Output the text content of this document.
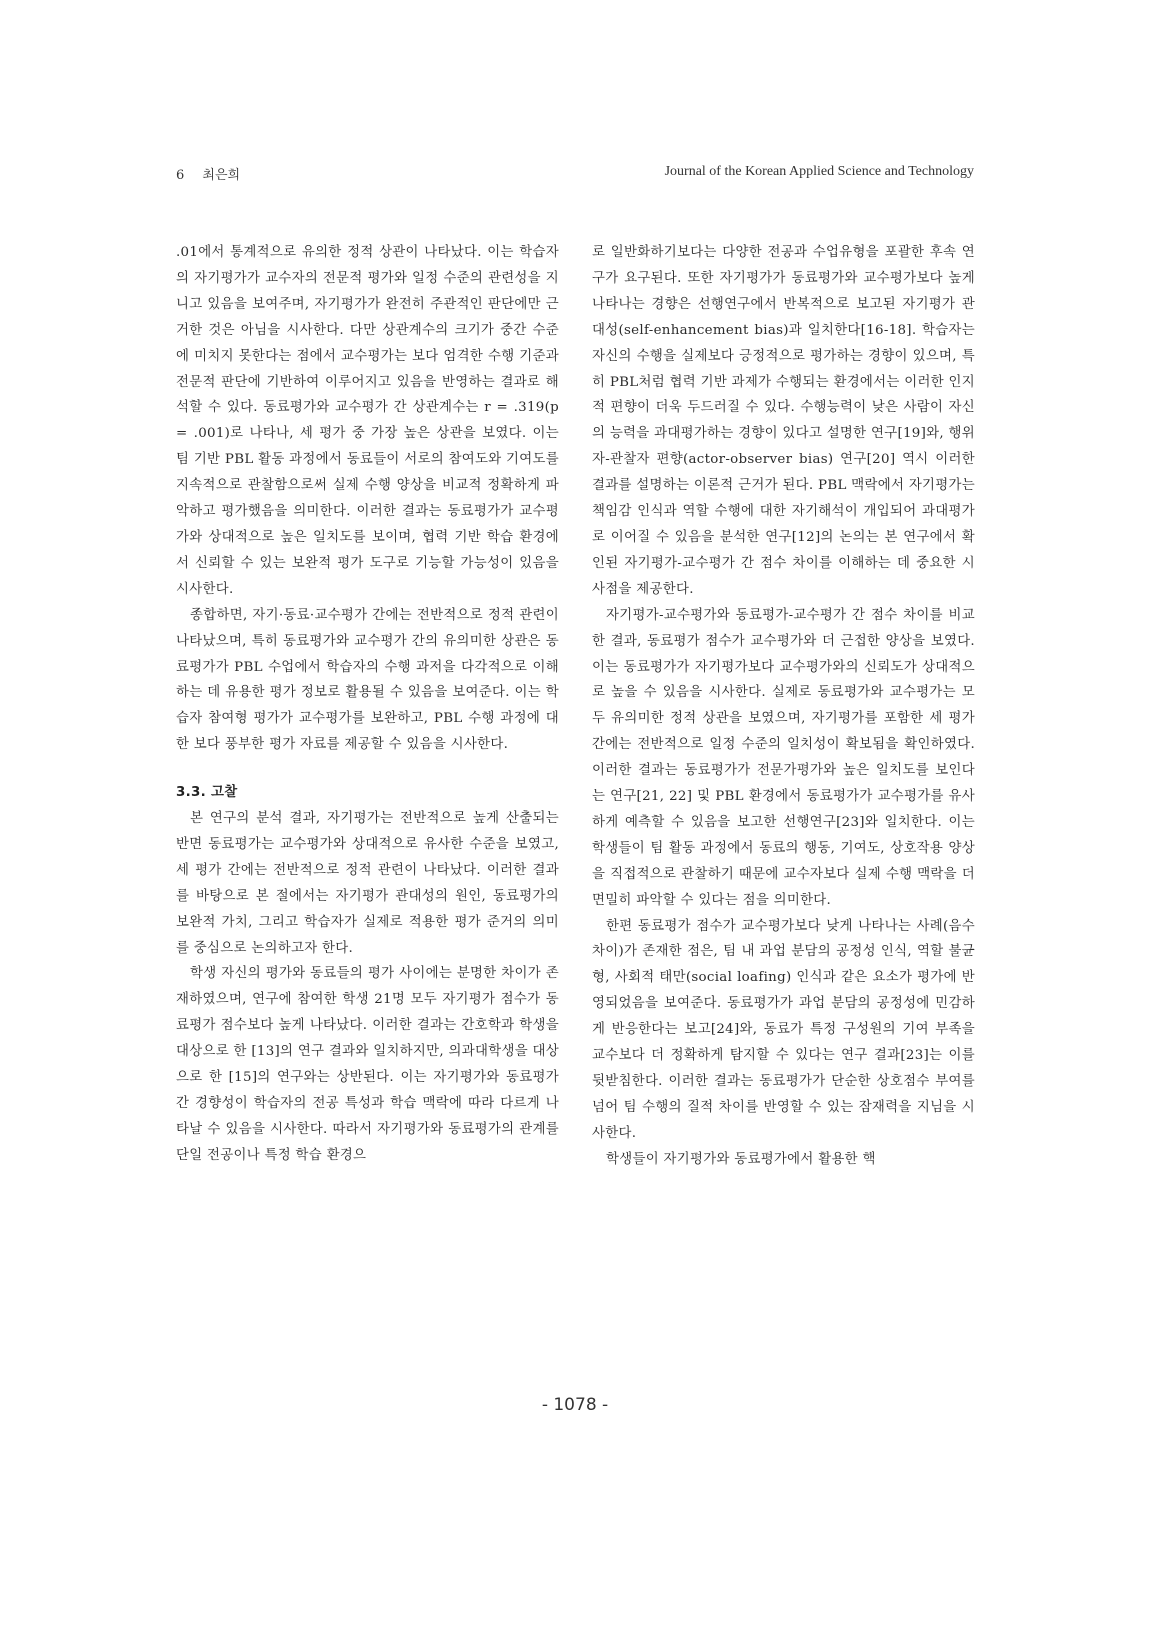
6 최은희	Journal of the Korean Applied Science and Technology

.01에서 통계적으로 유의한 정적 상관이 나타났다. 이는 학습자의 자기평가가 교수자의 전문적 평가와 일정 수준의 관련성을 지니고 있음을 보여주며, 자기평가가 완전히 주관적인 판단에만 근거한 것은 아님을 시사한다. 다만 상관계수의 크기가 중간 수준에 미치지 못한다는 점에서 교수평가는 보다 엄격한 수행 기준과 전문적 판단에 기반하여 이루어지고 있음을 반영하는 결과로 해석할 수 있다. 동료평가와 교수평가 간 상관계수는 r = .319(p = .001)로 나타나, 세 평가 중 가장 높은 상관을 보였다. 이는 팀 기반 PBL 활동 과정에서 동료들이 서로의 참여도와 기여도를 지속적으로 관찰함으로써 실제 수행 양상을 비교적 정확하게 파악하고 평가했음을 의미한다. 이러한 결과는 동료평가가 교수평가와 상대적으로 높은 일치도를 보이며, 협력 기반 학습 환경에서 신뢰할 수 있는 보완적 평가 도구로 기능할 가능성이 있음을 시사한다.

종합하면, 자기·동료·교수평가 간에는 전반적으로 정적 관련이 나타났으며, 특히 동료평가와 교수평가 간의 유의미한 상관은 동료평가가 PBL 수업에서 학습자의 수행 과저을 다각적으로 이해하는 데 유용한 평가 정보로 활용될 수 있음을 보여준다. 이는 학습자 참여형 평가가 교수평가를 보완하고, PBL 수행 과정에 대한 보다 풍부한 평가 자료를 제공할 수 있음을 시사한다.

3.3. 고찰

본 연구의 분석 결과, 자기평가는 전반적으로 높게 산출되는 반면 동료평가는 교수평가와 상대적으로 유사한 수준을 보였고, 세 평가 간에는 전반적으로 정적 관련이 나타났다. 이러한 결과를 바탕으로 본 절에서는 자기평가 관대성의 원인, 동료평가의 보완적 가치, 그리고 학습자가 실제로 적용한 평가 준거의 의미를 중심으로 논의하고자 한다.

학생 자신의 평가와 동료들의 평가 사이에는 분명한 차이가 존재하였으며, 연구에 참여한 학생 21명 모두 자기평가 점수가 동료평가 점수보다 높게 나타났다. 이러한 결과는 간호학과 학생을 대상으로 한 [13]의 연구 결과와 일치하지만, 의과대학생을 대상으로 한 [15]의 연구와는 상반된다. 이는 자기평가와 동료평가 간 경향성이 학습자의 전공 특성과 학습 맥락에 따라 다르게 나타날 수 있음을 시사한다. 따라서 자기평가와 동료평가의 관계를 단일 전공이나 특정 학습 환경으

로 일반화하기보다는 다양한 전공과 수업유형을 포괄한 후속 연구가 요구된다. 또한 자기평가가 동료평가와 교수평가보다 높게 나타나는 경향은 선행연구에서 반복적으로 보고된 자기평가 관대성(self-enhancement bias)과 일치한다[16-18]. 학습자는 자신의 수행을 실제보다 긍정적으로 평가하는 경향이 있으며, 특히 PBL처럼 협력 기반 과제가 수행되는 환경에서는 이러한 인지적 편향이 더욱 두드러질 수 있다. 수행능력이 낮은 사람이 자신의 능력을 과대평가하는 경향이 있다고 설명한 연구[19]와, 행위자-관찰자 편향(actor-observer bias) 연구[20] 역시 이러한 결과를 설명하는 이론적 근거가 된다. PBL 맥락에서 자기평가는 책임감 인식과 역할 수행에 대한 자기해석이 개입되어 과대평가로 이어질 수 있음을 분석한 연구[12]의 논의는 본 연구에서 확인된 자기평가-교수평가 간 점수 차이를 이해하는 데 중요한 시사점을 제공한다.

자기평가-교수평가와 동료평가-교수평가 간 점수 차이를 비교한 결과, 동료평가 점수가 교수평가와 더 근접한 양상을 보였다. 이는 동료평가가 자기평가보다 교수평가와의 신뢰도가 상대적으로 높을 수 있음을 시사한다. 실제로 동료평가와 교수평가는 모두 유의미한 정적 상관을 보였으며, 자기평가를 포함한 세 평가 간에는 전반적으로 일정 수준의 일치성이 확보됨을 확인하였다. 이러한 결과는 동료평가가 전문가평가와 높은 일치도를 보인다는 연구[21, 22] 및 PBL 환경에서 동료평가가 교수평가를 유사하게 예측할 수 있음을 보고한 선행연구[23]와 일치한다. 이는 학생들이 팀 활동 과정에서 동료의 행동, 기여도, 상호작용 양상을 직접적으로 관찰하기 때문에 교수자보다 실제 수행 맥락을 더 면밀히 파악할 수 있다는 점을 의미한다.

한편 동료평가 점수가 교수평가보다 낮게 나타나는 사례(음수 차이)가 존재한 점은, 팀 내 과업 분담의 공정성 인식, 역할 불균형, 사회적 태만(social loafing) 인식과 같은 요소가 평가에 반영되었음을 보여준다. 동료평가가 과업 분담의 공정성에 민감하게 반응한다는 보고[24]와, 동료가 특정 구성원의 기여 부족을 교수보다 더 정확하게 탐지할 수 있다는 연구 결과[23]는 이를 뒷받침한다. 이러한 결과는 동료평가가 단순한 상호점수 부여를 넘어 팀 수행의 질적 차이를 반영할 수 있는 잠재력을 지님을 시사한다.

학생들이 자기평가와 동료평가에서 활용한 핵

- 1078 -
